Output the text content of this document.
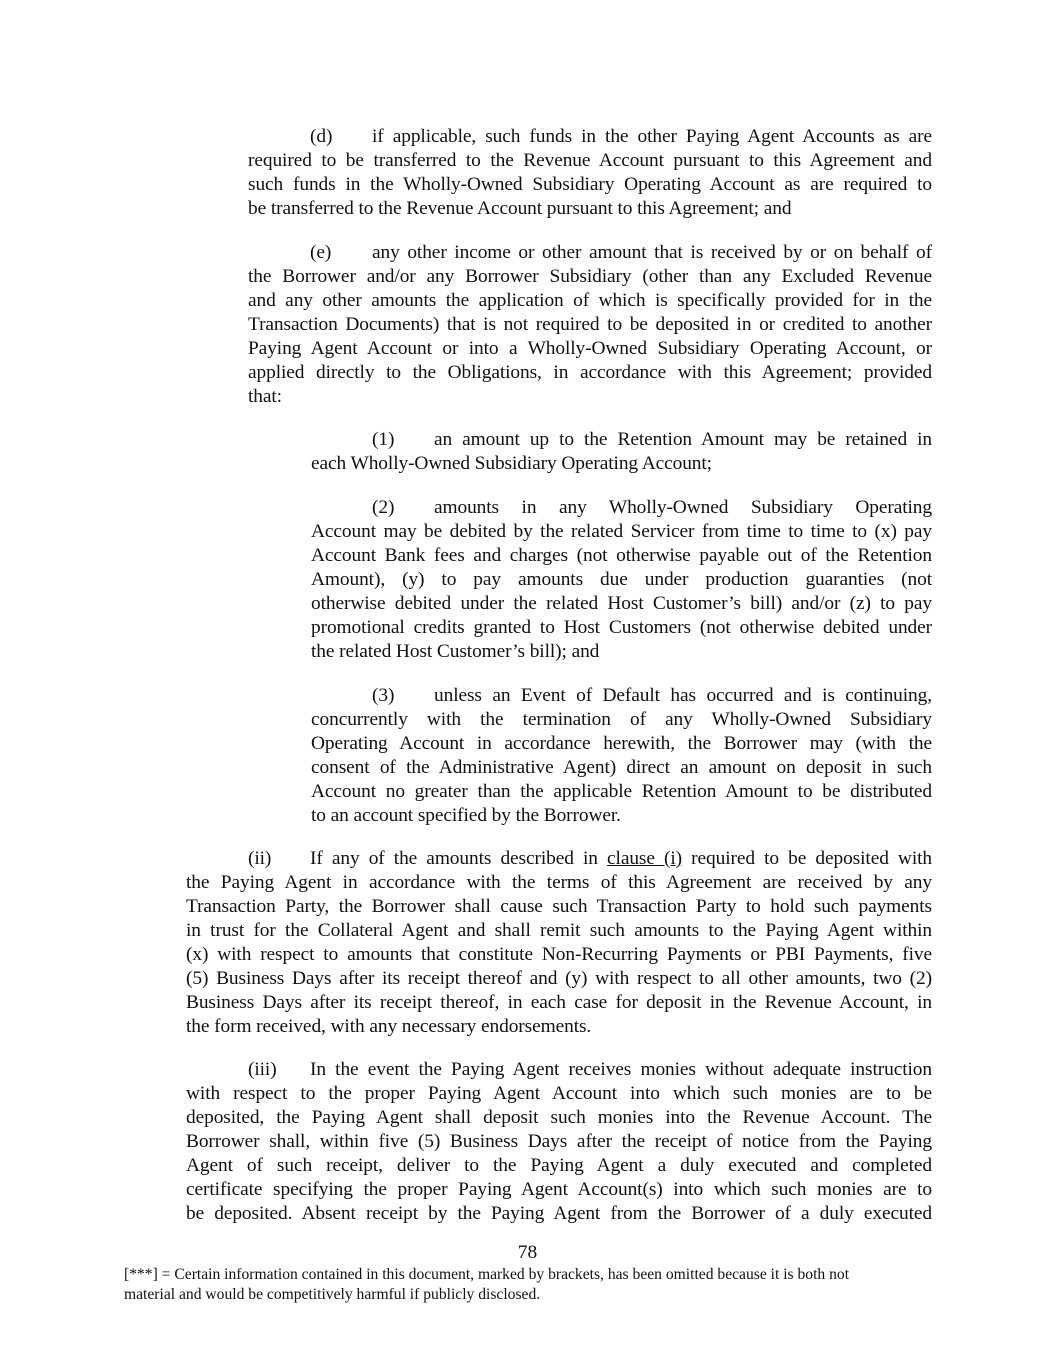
(d) if applicable, such funds in the other Paying Agent Accounts as are
required to be transferred to the Revenue Account pursuant to this Agreement and
such funds in the Wholly-Owned Subsidiary Operating Account as are required to
be transferred to the Revenue Account pursuant to this Agreement; and
(e) any other income or other amount that is received by or on behalf of
the Borrower and/or any Borrower Subsidiary (other than any Excluded Revenue
and any other amounts the application of which is specifically provided for in the
Transaction Documents) that is not required to be deposited in or credited to another
Paying Agent Account or into a Wholly-Owned Subsidiary Operating Account, or
applied directly to the Obligations, in accordance with this Agreement; provided
that:
(1) an amount up to the Retention Amount may be retained in
each Wholly-Owned Subsidiary Operating Account;
(2) amounts in any Wholly-Owned Subsidiary Operating
Account may be debited by the related Servicer from time to time to (x) pay
Account Bank fees and charges (not otherwise payable out of the Retention
Amount), (y) to pay amounts due under production guaranties (not
otherwise debited under the related Host Customer’s bill) and/or (z) to pay
promotional credits granted to Host Customers (not otherwise debited under
the related Host Customer’s bill); and
(3) unless an Event of Default has occurred and is continuing,
concurrently with the termination of any Wholly-Owned Subsidiary
Operating Account in accordance herewith, the Borrower may (with the
consent of the Administrative Agent) direct an amount on deposit in such
Account no greater than the applicable Retention Amount to be distributed
to an account specified by the Borrower.
(ii) If any of the amounts described in clause (i) required to be deposited with
the Paying Agent in accordance with the terms of this Agreement are received by any
Transaction Party, the Borrower shall cause such Transaction Party to hold such payments
in trust for the Collateral Agent and shall remit such amounts to the Paying Agent within
(x) with respect to amounts that constitute Non-Recurring Payments or PBI Payments, five
(5) Business Days after its receipt thereof and (y) with respect to all other amounts, two (2)
Business Days after its receipt thereof, in each case for deposit in the Revenue Account, in
the form received, with any necessary endorsements.
(iii) In the event the Paying Agent receives monies without adequate instruction
with respect to the proper Paying Agent Account into which such monies are to be
deposited, the Paying Agent shall deposit such monies into the Revenue Account. The
Borrower shall, within five (5) Business Days after the receipt of notice from the Paying
Agent of such receipt, deliver to the Paying Agent a duly executed and completed
certificate specifying the proper Paying Agent Account(s) into which such monies are to
be deposited. Absent receipt by the Paying Agent from the Borrower of a duly executed
78
[***] = Certain information contained in this document, marked by brackets, has been omitted because it is both not
material and would be competitively harmful if publicly disclosed.
